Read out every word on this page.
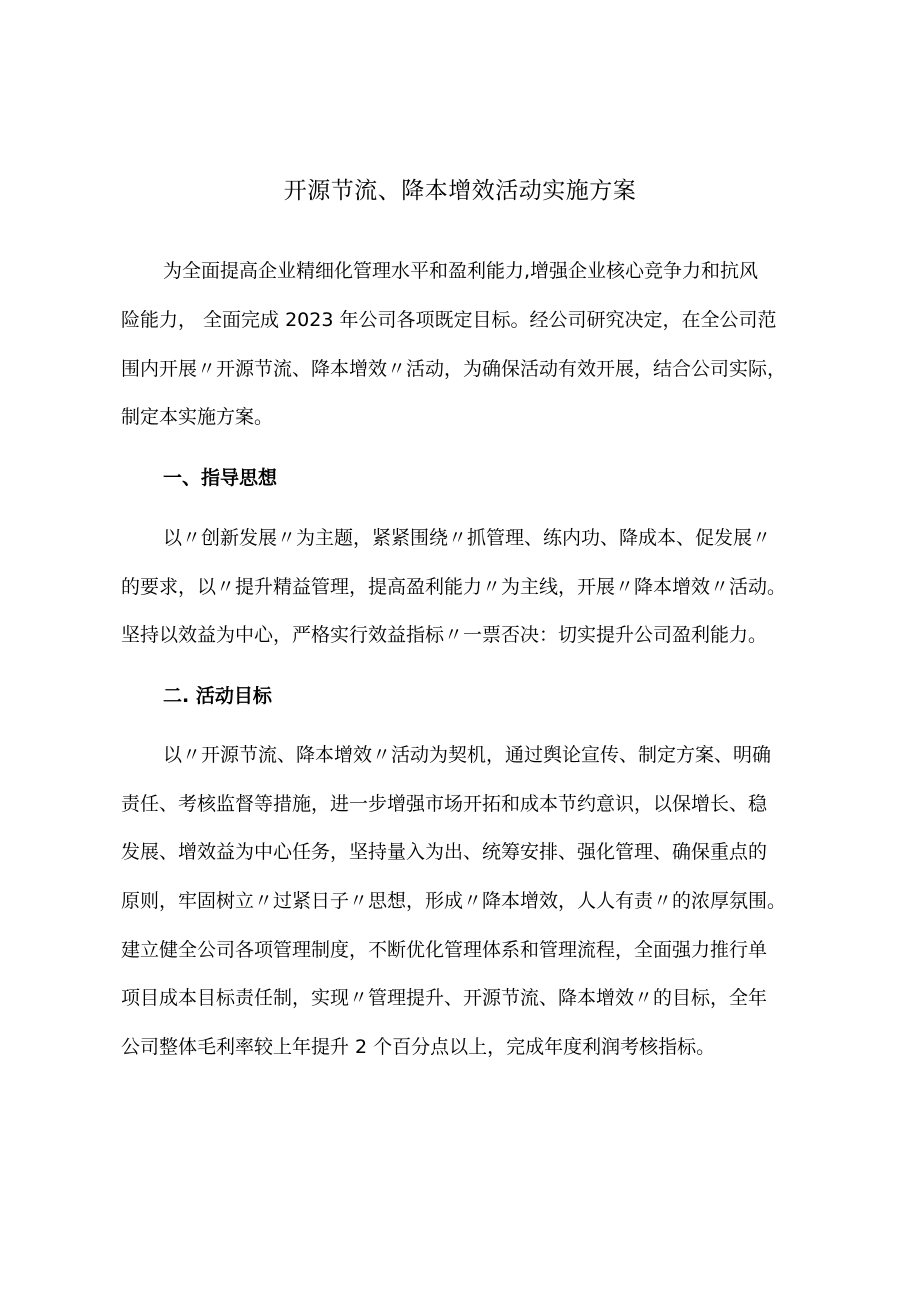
开源节流、降本增效活动实施方案
为全面提高企业精细化管理水平和盈利能力,增强企业核心竞争力和抗风
险能力， 全面完成 2023 年公司各项既定目标。经公司研究决定，在全公司范
围内开展〃开源节流、降本增效〃活动，为确保活动有效开展，结合公司实际，
制定本实施方案。
一、指导思想
以〃创新发展〃为主题，紧紧围绕〃抓管理、练内功、降成本、促发展〃
的要求，以〃提升精益管理，提高盈利能力〃为主线，开展〃降本增效〃活动。
坚持以效益为中心，严格实行效益指标〃一票否决：切实提升公司盈利能力。
二. 活动目标
以〃开源节流、降本增效〃活动为契机，通过舆论宣传、制定方案、明确
责任、考核监督等措施，进一步增强市场开拓和成本节约意识，以保增长、稳
发展、增效益为中心任务，坚持量入为出、统筹安排、强化管理、确保重点的
原则，牢固树立〃过紧日子〃思想，形成〃降本增效，人人有责〃的浓厚氛围。
建立健全公司各项管理制度，不断优化管理体系和管理流程，全面强力推行单
项目成本目标责任制，实现〃管理提升、开源节流、降本增效〃的目标，全年
公司整体毛利率较上年提升 2 个百分点以上，完成年度利润考核指标。
